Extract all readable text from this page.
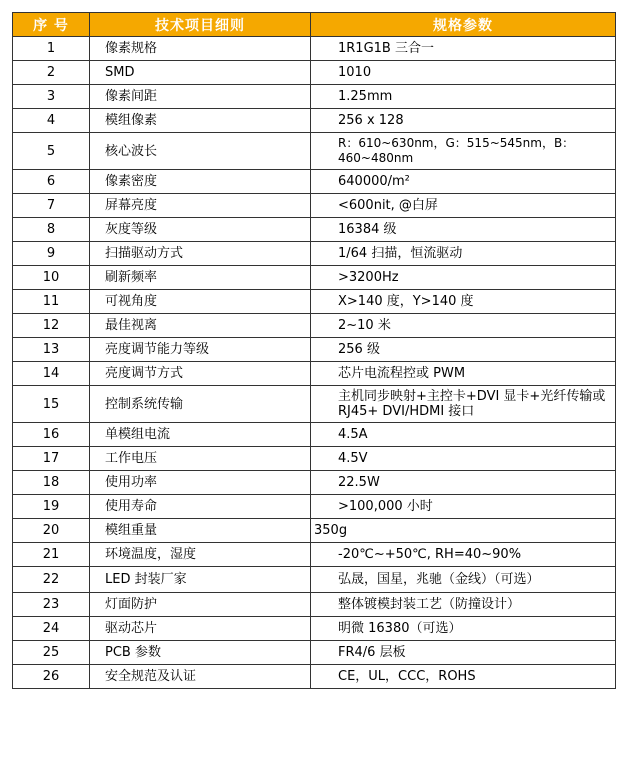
序 号	技术项目细则	规格参数
1	像素规格	1R1G1B 三合一
2	SMD	1010
3	像素间距	1.25mm
4	模组像素	256 x 128
5	核心波长	R：610~630nm，G：515~545nm，B：460~480nm
6	像素密度	640000/m²
7	屏幕亮度	<600nit, @白屏
8	灰度等级	16384 级
9	扫描驱动方式	1/64 扫描，恒流驱动
10	刷新频率	>3200Hz
11	可视角度	X>140 度，Y>140 度
12	最佳视离	2~10 米
13	亮度调节能力等级	256 级
14	亮度调节方式	芯片电流程控或 PWM
15	控制系统传输	主机同步映射+主控卡+DVI 显卡+光纤传输或 RJ45+ DVI/HDMI 接口
16	单模组电流	4.5A
17	工作电压	4.5V
18	使用功率	22.5W
19	使用寿命	>100,000 小时
20	模组重量	350g
21	环境温度，湿度	-20℃~+50℃, RH=40~90%
22	LED 封装厂家	弘晟，国星，兆驰（金线）（可选）
23	灯面防护	整体镀模封装工艺（防撞设计）
24	驱动芯片	明微 16380（可选）
25	PCB 参数	FR4/6 层板
26	安全规范及认证	CE，UL，CCC，ROHS
